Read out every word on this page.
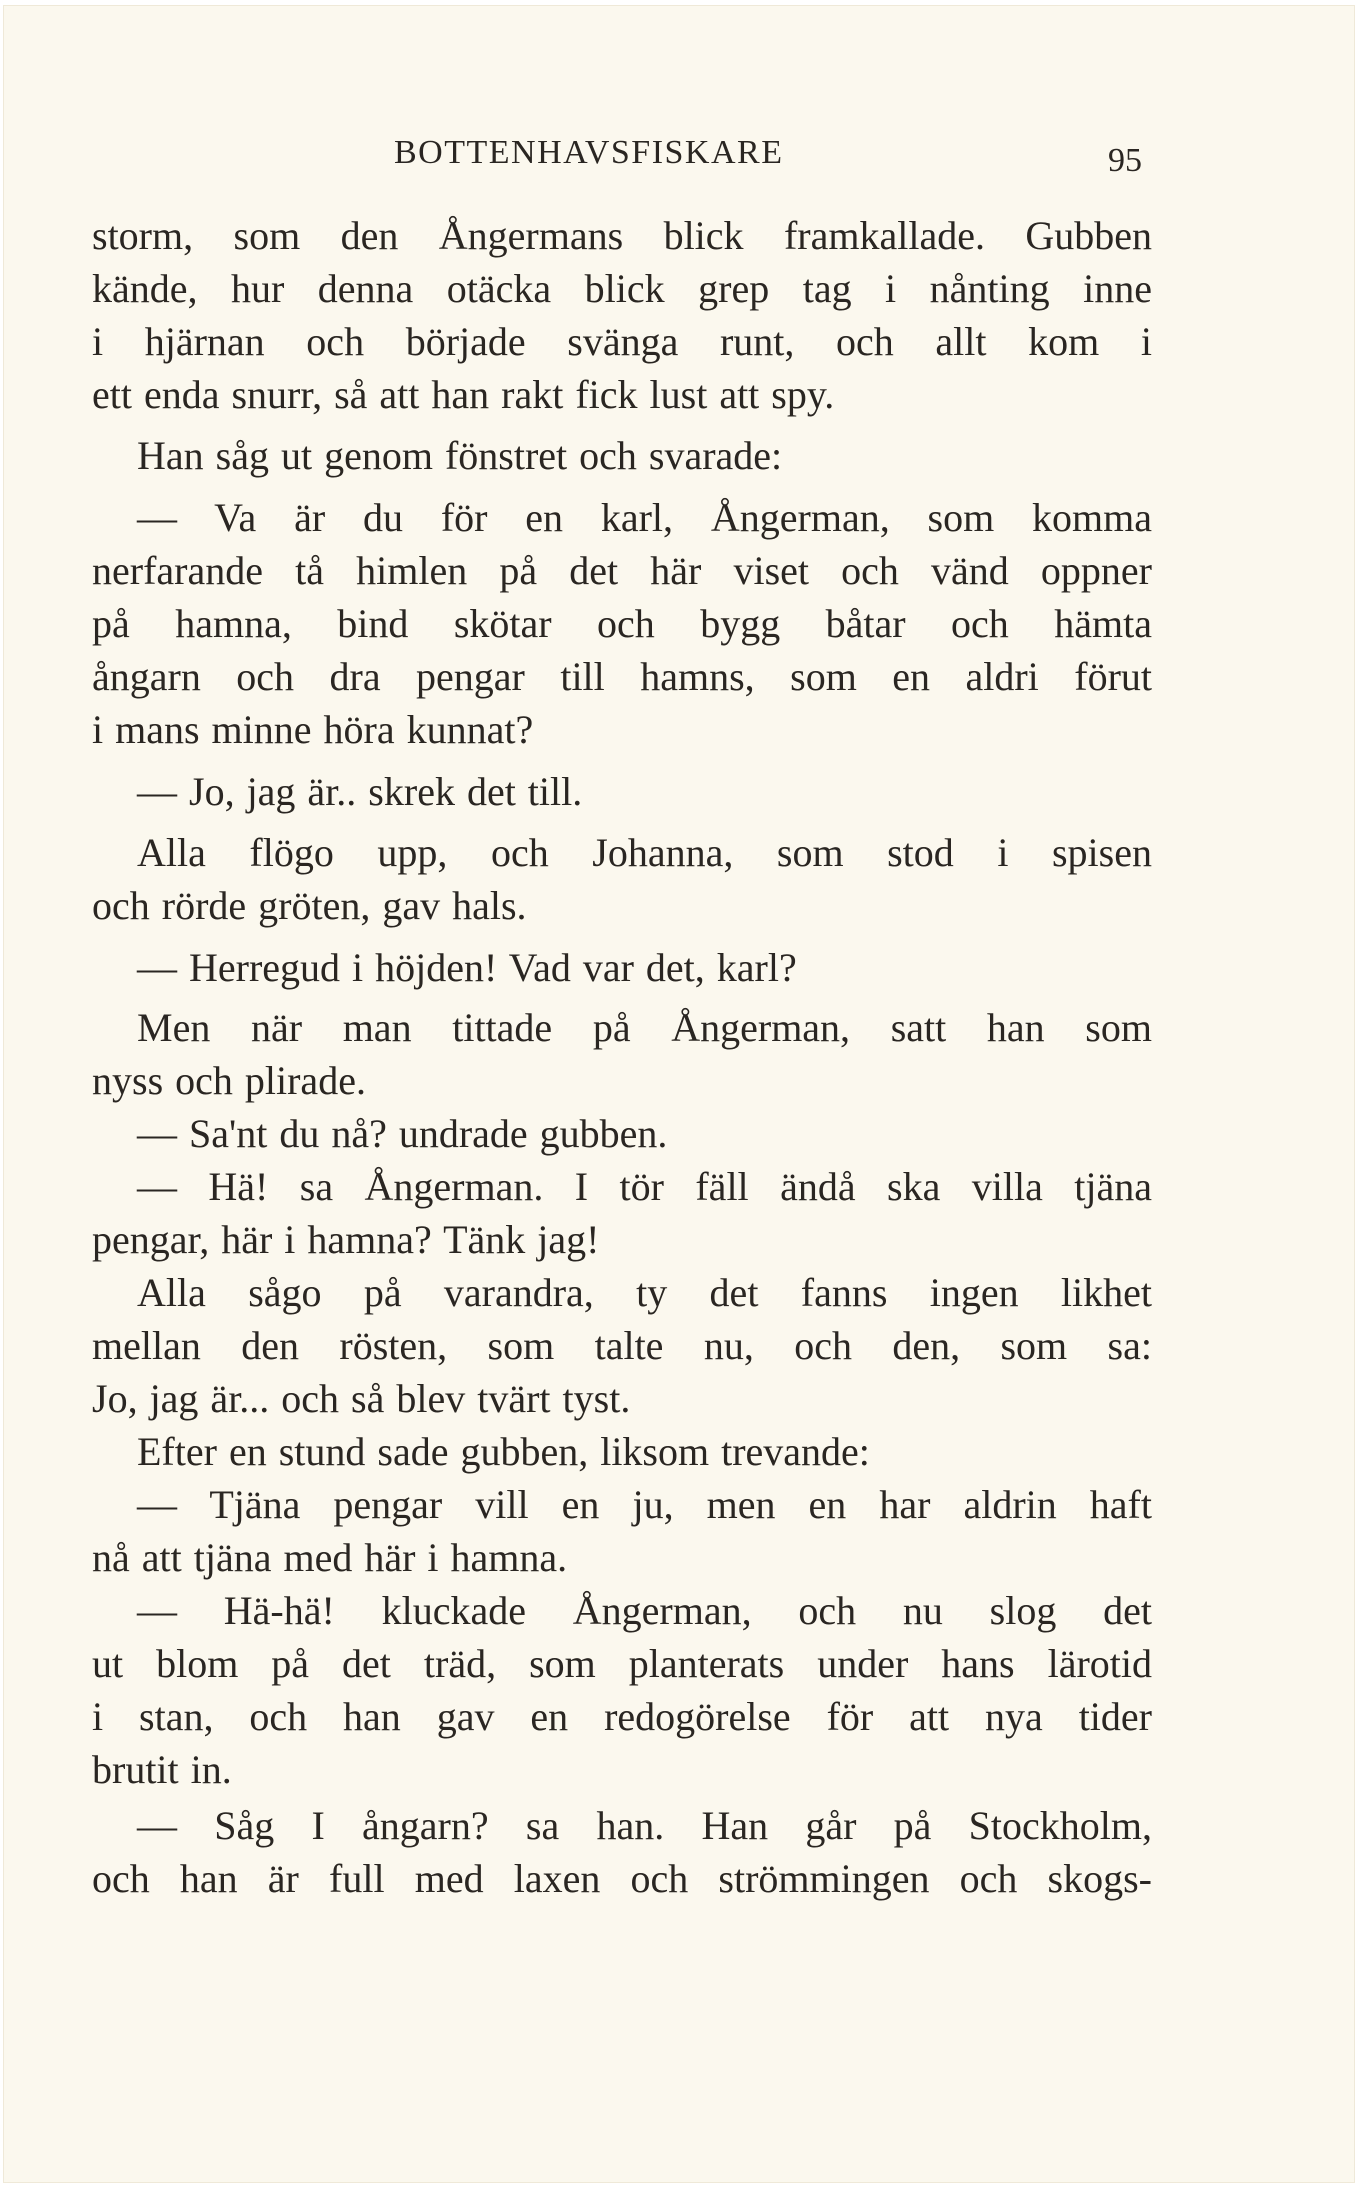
BOTTENHAVSFISKARE	95
storm, som den Ångermans blick framkallade. Gubben
kände, hur denna otäcka blick grep tag i nånting inne
i hjärnan och började svänga runt, och allt kom i
ett enda snurr, så att han rakt fick lust att spy.
Han såg ut genom fönstret och svarade:
— Va är du för en karl, Ångerman, som komma
nerfarande tå himlen på det här viset och vänd oppner
på hamna, bind skötar och bygg båtar och hämta
ångarn och dra pengar till hamns, som en aldri förut
i mans minne höra kunnat?
— Jo, jag är.. skrek det till.
Alla flögo upp, och Johanna, som stod i spisen
och rörde gröten, gav hals.
— Herregud i höjden! Vad var det, karl?
Men när man tittade på Ångerman, satt han som
nyss och plirade.
— Sa'nt du nå? undrade gubben.
— Hä! sa Ångerman. I tör fäll ändå ska villa tjäna
pengar, här i hamna? Tänk jag!
Alla sågo på varandra, ty det fanns ingen likhet
mellan den rösten, som talte nu, och den, som sa:
Jo, jag är... och så blev tvärt tyst.
Efter en stund sade gubben, liksom trevande:
— Tjäna pengar vill en ju, men en har aldrin haft
nå att tjäna med här i hamna.
— Hä-hä! kluckade Ångerman, och nu slog det
ut blom på det träd, som planterats under hans lärotid
i stan, och han gav en redogörelse för att nya tider
brutit in.
— Såg I ångarn? sa han. Han går på Stockholm,
och han är full med laxen och strömmingen och skogs-
